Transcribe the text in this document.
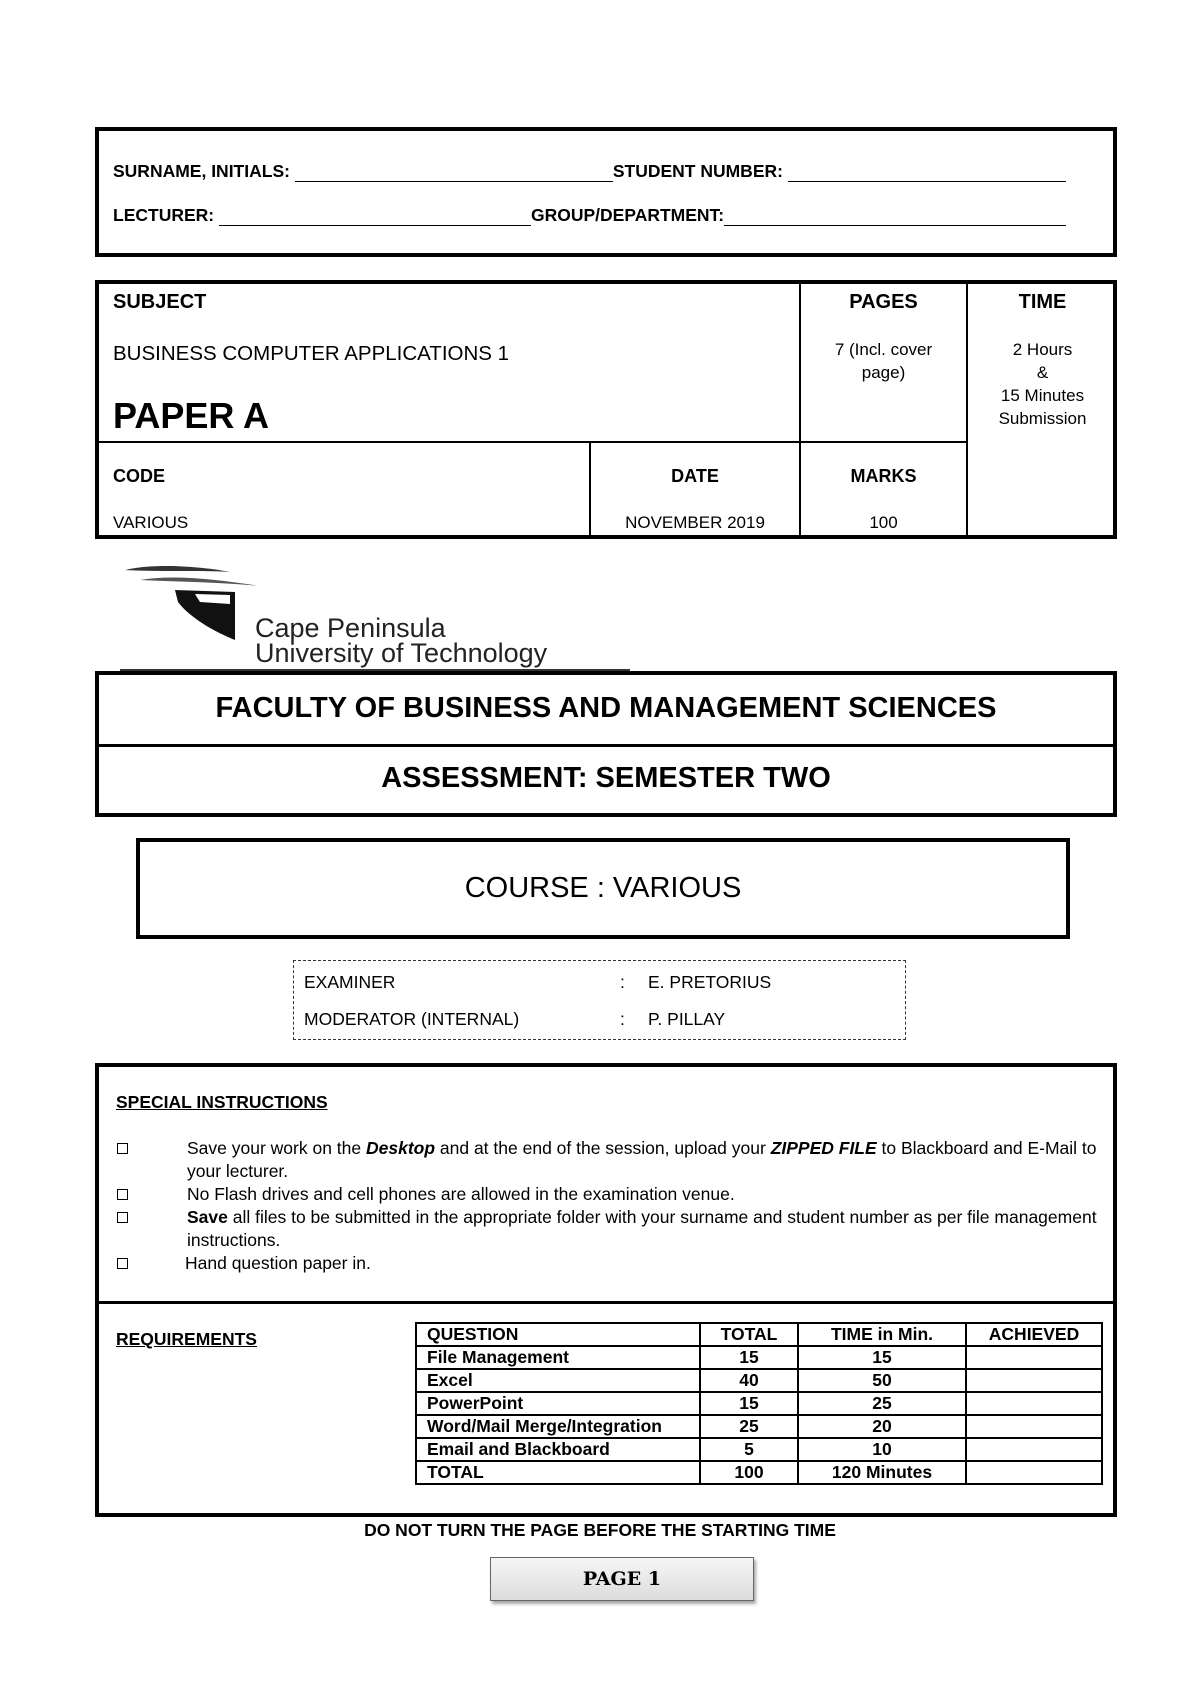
SURNAME, INITIALS:	STUDENT NUMBER:
LECTURER:	GROUP/DEPARTMENT:
SUBJECT
BUSINESS COMPUTER APPLICATIONS 1
PAPER A
PAGES
7 (Incl. cover
page)
TIME
2 Hours
&
15 Minutes
Submission
CODE
VARIOUS
DATE
NOVEMBER 2019
MARKS
100
Cape Peninsula
University of Technology
FACULTY OF BUSINESS AND MANAGEMENT SCIENCES
ASSESSMENT: SEMESTER TWO
COURSE : VARIOUS
EXAMINER	: E. PRETORIUS
MODERATOR (INTERNAL)	: P. PILLAY
SPECIAL INSTRUCTIONS
Save your work on the Desktop and at the end of the session, upload your ZIPPED FILE to Blackboard and E-Mail to your lecturer.
No Flash drives and cell phones are allowed in the examination venue.
Save all files to be submitted in the appropriate folder with your surname and student number as per file management instructions.
Hand question paper in.
REQUIREMENTS	QUESTION	TOTAL	TIME in Min.	ACHIEVED
File Management	15	15	
Excel	40	50	
PowerPoint	15	25	
Word/Mail Merge/Integration	25	20	
Email and Blackboard	5	10	
TOTAL	100	120 Minutes	
DO NOT TURN THE PAGE BEFORE THE STARTING TIME
PAGE 1
